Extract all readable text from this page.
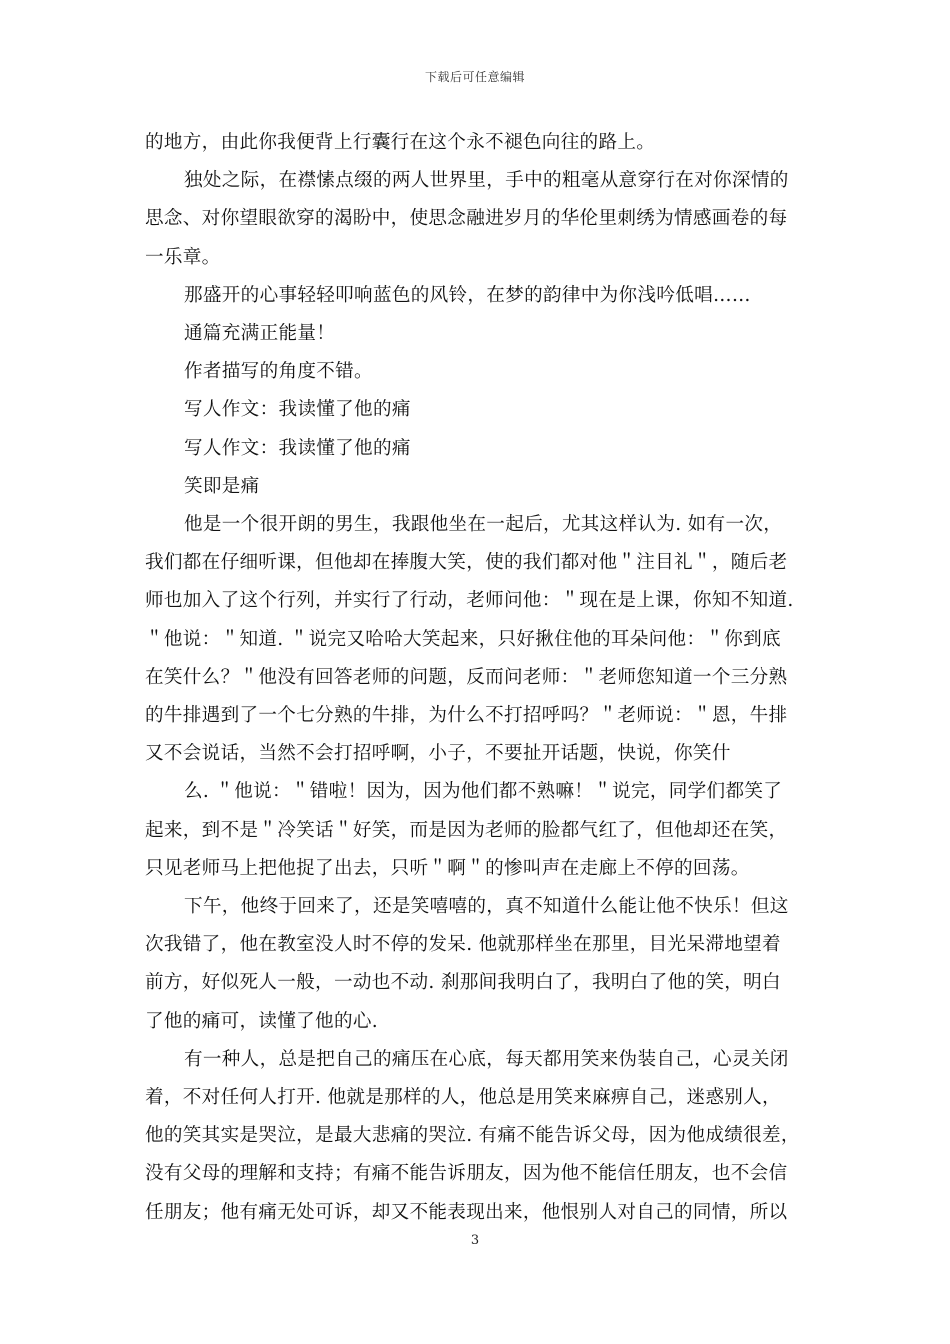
下载后可任意编辑
的地方，由此你我便背上行囊行在这个永不褪色向往的路上。
独处之际，在襟愫点缀的两人世界里，手中的粗毫从意穿行在对你深情的
思念、对你望眼欲穿的渴盼中，使思念融进岁月的华伦里刺绣为情感画卷的每
一乐章。
那盛开的心事轻轻叩响蓝色的风铃，在梦的韵律中为你浅吟低唱……
通篇充满正能量！
作者描写的角度不错。
写人作文：我读懂了他的痛
写人作文：我读懂了他的痛
笑即是痛
他是一个很开朗的男生，我跟他坐在一起后，尤其这样认为. 如有一次，
我们都在仔细听课，但他却在捧腹大笑，使的我们都对他＂注目礼＂，随后老
师也加入了这个行列，并实行了行动，老师问他：＂现在是上课，你知不知道.
＂他说：＂知道. ＂说完又哈哈大笑起来，只好揪住他的耳朵问他：＂你到底
在笑什么？＂他没有回答老师的问题，反而问老师：＂老师您知道一个三分熟
的牛排遇到了一个七分熟的牛排，为什么不打招呼吗？＂老师说：＂恩，牛排
又不会说话，当然不会打招呼啊，小子，不要扯开话题，快说，你笑什
么. ＂他说：＂错啦！因为，因为他们都不熟嘛！＂说完，同学们都笑了
起来，到不是＂冷笑话＂好笑，而是因为老师的脸都气红了，但他却还在笑，
只见老师马上把他捉了出去，只听＂啊＂的惨叫声在走廊上不停的回荡。
下午，他终于回来了，还是笑嘻嘻的，真不知道什么能让他不快乐！但这
次我错了，他在教室没人时不停的发呆. 他就那样坐在那里，目光呆滞地望着
前方，好似死人一般，一动也不动. 刹那间我明白了，我明白了他的笑，明白
了他的痛可，读懂了他的心.
有一种人，总是把自己的痛压在心底，每天都用笑来伪装自己，心灵关闭
着，不对任何人打开. 他就是那样的人，他总是用笑来麻痹自己，迷惑别人，
他的笑其实是哭泣，是最大悲痛的哭泣. 有痛不能告诉父母，因为他成绩很差，
没有父母的理解和支持；有痛不能告诉朋友，因为他不能信任朋友，也不会信
任朋友；他有痛无处可诉，却又不能表现出来，他恨别人对自己的同情，所以
3
